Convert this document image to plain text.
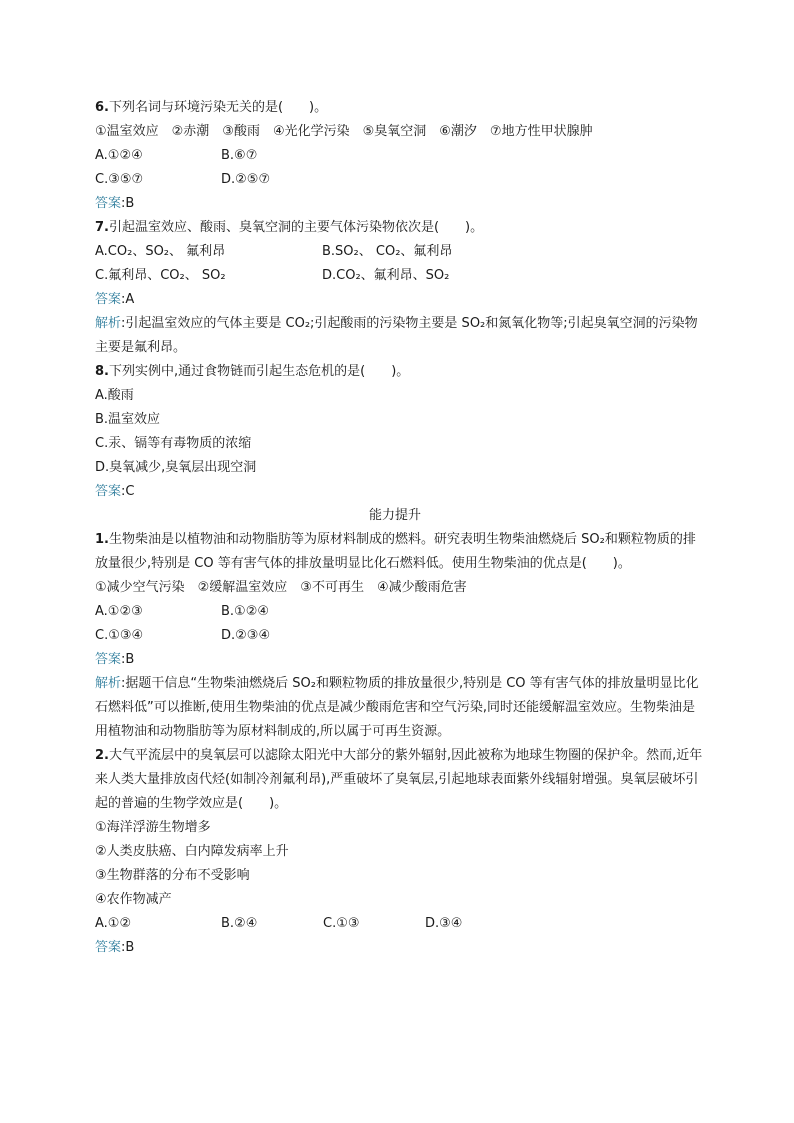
6.下列名词与环境污染无关的是(　　)。
①温室效应　②赤潮　③酸雨　④光化学污染　⑤臭氧空洞　⑥潮汐　⑦地方性甲状腺肿
A.①②④	B.⑥⑦
C.③⑤⑦	D.②⑤⑦
答案:B
7.引起温室效应、酸雨、臭氧空洞的主要气体污染物依次是(　　)。
A.CO₂、SO₂、 氟利昂	B.SO₂、 CO₂、氟利昂
C.氟利昂、CO₂、 SO₂	D.CO₂、氟利昂、SO₂
答案:A
解析:引起温室效应的气体主要是 CO₂;引起酸雨的污染物主要是 SO₂和氮氧化物等;引起臭氧空洞的污染物主要是氟利昂。
8.下列实例中,通过食物链而引起生态危机的是(　　)。
A.酸雨
B.温室效应
C.汞、镉等有毒物质的浓缩
D.臭氧减少,臭氧层出现空洞
答案:C
能力提升
1.生物柴油是以植物油和动物脂肪等为原材料制成的燃料。研究表明生物柴油燃烧后 SO₂和颗粒物质的排放量很少,特别是 CO 等有害气体的排放量明显比化石燃料低。使用生物柴油的优点是(　　)。
①减少空气污染　②缓解温室效应　③不可再生　④减少酸雨危害
A.①②③	B.①②④
C.①③④	D.②③④
答案:B
解析:据题干信息“生物柴油燃烧后 SO₂和颗粒物质的排放量很少,特别是 CO 等有害气体的排放量明显比化石燃料低”可以推断,使用生物柴油的优点是减少酸雨危害和空气污染,同时还能缓解温室效应。生物柴油是用植物油和动物脂肪等为原材料制成的,所以属于可再生资源。
2.大气平流层中的臭氧层可以滤除太阳光中大部分的紫外辐射,因此被称为地球生物圈的保护伞。然而,近年来人类大量排放卤代烃(如制冷剂氟利昂),严重破坏了臭氧层,引起地球表面紫外线辐射增强。臭氧层破坏引起的普遍的生物学效应是(　　)。
①海洋浮游生物增多
②人类皮肤癌、白内障发病率上升
③生物群落的分布不受影响
④农作物减产
A.①②	B.②④	C.①③	D.③④
答案:B
